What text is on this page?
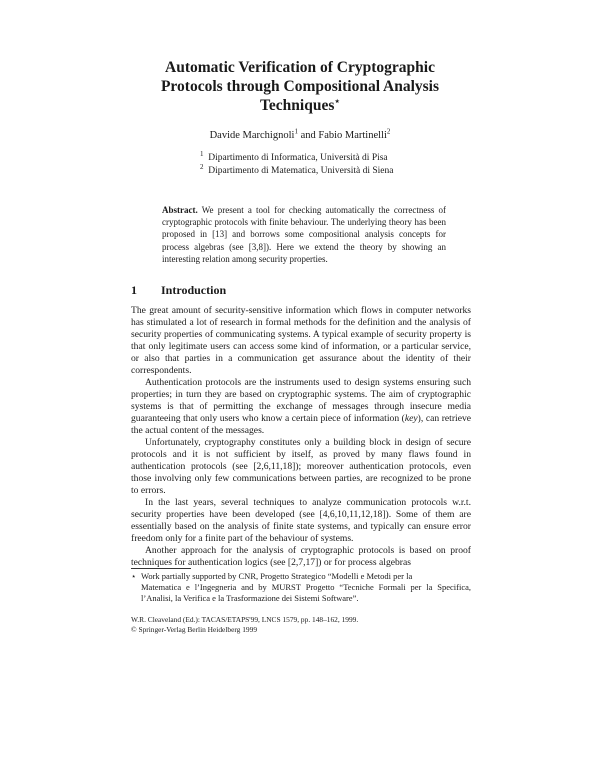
Automatic Verification of Cryptographic
Protocols through Compositional Analysis
Techniques⋆
Davide Marchignoli$^1$ and Fabio Martinelli$^2$
$^1$ Dipartimento di Informatica, Università di Pisa
$^2$ Dipartimento di Matematica, Università di Siena
Abstract. We present a tool for checking automatically the correctness of cryptographic protocols with finite behaviour. The underlying theory has been proposed in [13] and borrows some compositional analysis concepts for process algebras (see [3,8]). Here we extend the theory by showing an interesting relation among security properties.
1 Introduction

The great amount of security-sensitive information which flows in computer networks has stimulated a lot of research in formal methods for the definition and the analysis of security properties of communicating systems. A typical example of security property is that only legitimate users can access some kind of information, or a particular service, or also that parties in a communication get assurance about the identity of their correspondents.

Authentication protocols are the instruments used to design systems ensuring such properties; in turn they are based on cryptographic systems. The aim of cryptographic systems is that of permitting the exchange of messages through insecure media guaranteeing that only users who know a certain piece of information (key), can retrieve the actual content of the messages.

Unfortunately, cryptography constitutes only a building block in design of secure protocols and it is not sufficient by itself, as proved by many flaws found in authentication protocols (see [2,6,11,18]); moreover authentication protocols, even those involving only few communications between parties, are recognized to be prone to errors.

In the last years, several techniques to analyze communication protocols w.r.t. security properties have been developed (see [4,6,10,11,12,18]). Some of them are essentially based on the analysis of finite state systems, and typically can ensure error freedom only for a finite part of the behaviour of systems.

Another approach for the analysis of cryptographic protocols is based on proof techniques for authentication logics (see [2,7,17]) or for process algebras

⋆ Work partially supported by CNR, Progetto Strategico “Modelli e Metodi per la
Matematica e l’Ingegneria and by MURST Progetto “Tecniche Formali per la Specifica, l’Analisi, la Verifica e la Trasformazione dei Sistemi Software”.
W.R. Cleaveland (Ed.): TACAS/ETAPS'99, LNCS 1579, pp. 148–162, 1999.
© Springer-Verlag Berlin Heidelberg 1999
